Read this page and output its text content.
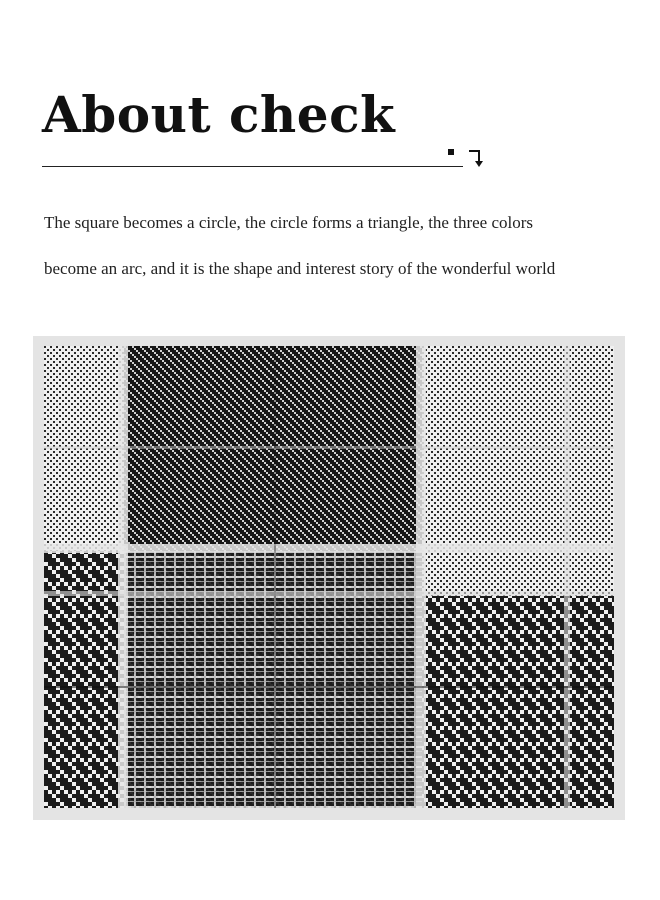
About check

The square becomes a circle, the circle forms a triangle, the three colors
become an arc, and it is the shape and interest story of the wonderful world
